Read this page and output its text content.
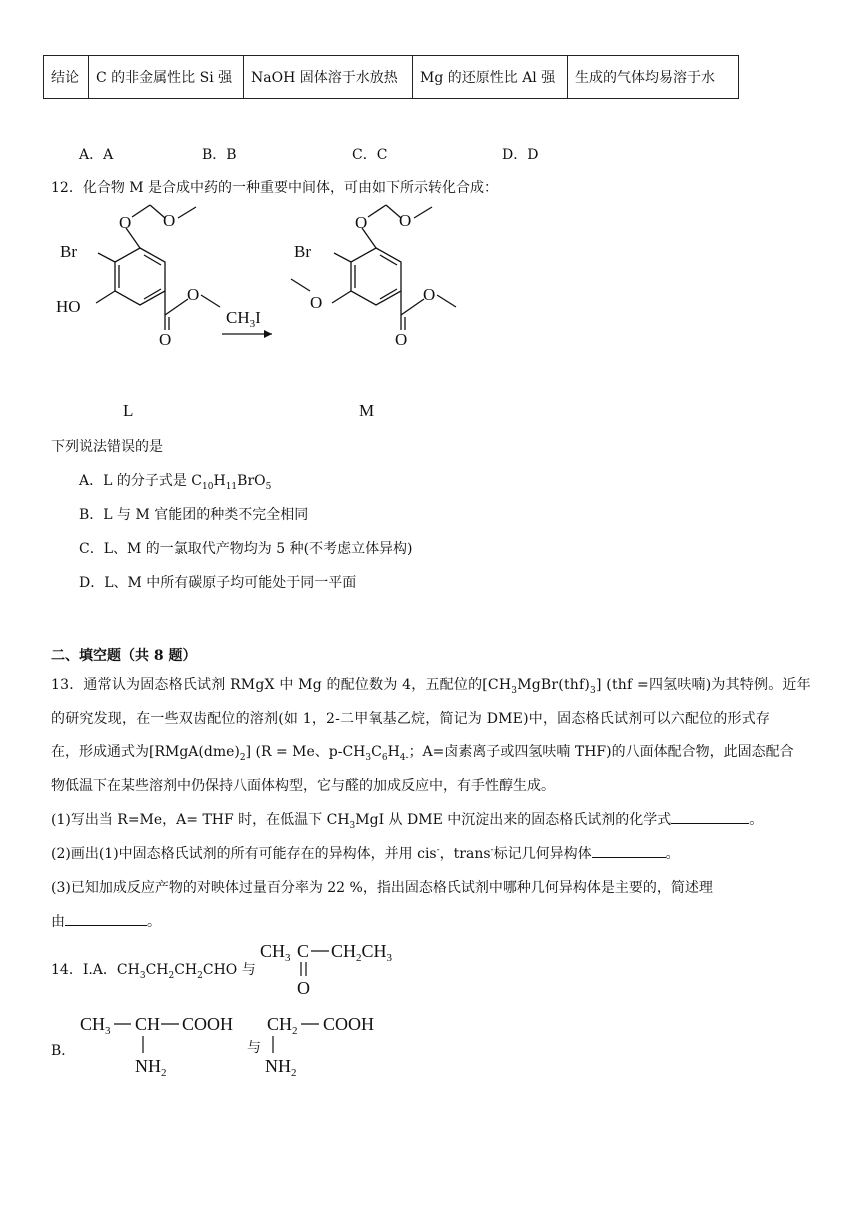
结论	C 的非金属性比 Si 强	NaOH 固体溶于水放热	Mg 的还原性比 Al 强	生成的气体均易溶于水
A．A	B．B	C．C	D．D
12．化合物 M 是合成中药的一种重要中间体，可由如下所示转化合成：
O O
Br
HO
O
O
$CH_3I$
O O
Br
O
O
O
L	M
下列说法错误的是
A．L 的分子式是 $C_{10}H_{11}BrO_5$
B．L 与 M 官能团的种类不完全相同
C．L、M 的一氯取代产物均为 5 种(不考虑立体异构)
D．L、M 中所有碳原子均可能处于同一平面
二、填空题（共 8 题）
13．通常认为固态格氏试剂 RMgX 中 Mg 的配位数为 4，五配位的$[CH_3MgBr(thf)_3] (thf$ =四氢呋喃)为其特例。近年
的研究发现，在一些双齿配位的溶剂(如 1，2-二甲氧基乙烷，简记为 DME)中，固态格氏试剂可以六配位的形式存
在，形成通式为$[RMgA(dme)_2] (R = Me$、$p-CH_3C_6H_{4-}$；A=卤素离子或四氢呋喃 THF)的八面体配合物，此固态配合
物低温下在某些溶剂中仍保持八面体构型，它与醛的加成反应中，有手性醇生成。
(1)写出当 R=Me，A= THF 时，在低温下 $CH_3MgI$ 从 DME 中沉淀出来的固态格氏试剂的化学式	。
(2)画出(1)中固态格氏试剂的所有可能存在的异构体，并用 cis-，trans-标记几何异构体	。
(3)已知加成反应产物的对映体过量百分率为 22 %，指出固态格氏试剂中哪种几何异构体是主要的，简述理
由	。
14．Ⅰ.A．$CH_3CH_2CH_2CHO$ 与
$CH_3$ C $CH_2CH_3$
O
B．
$CH_3$ CH COOH
$NH_2$
与
$CH_2$ COOH
$NH_2$
